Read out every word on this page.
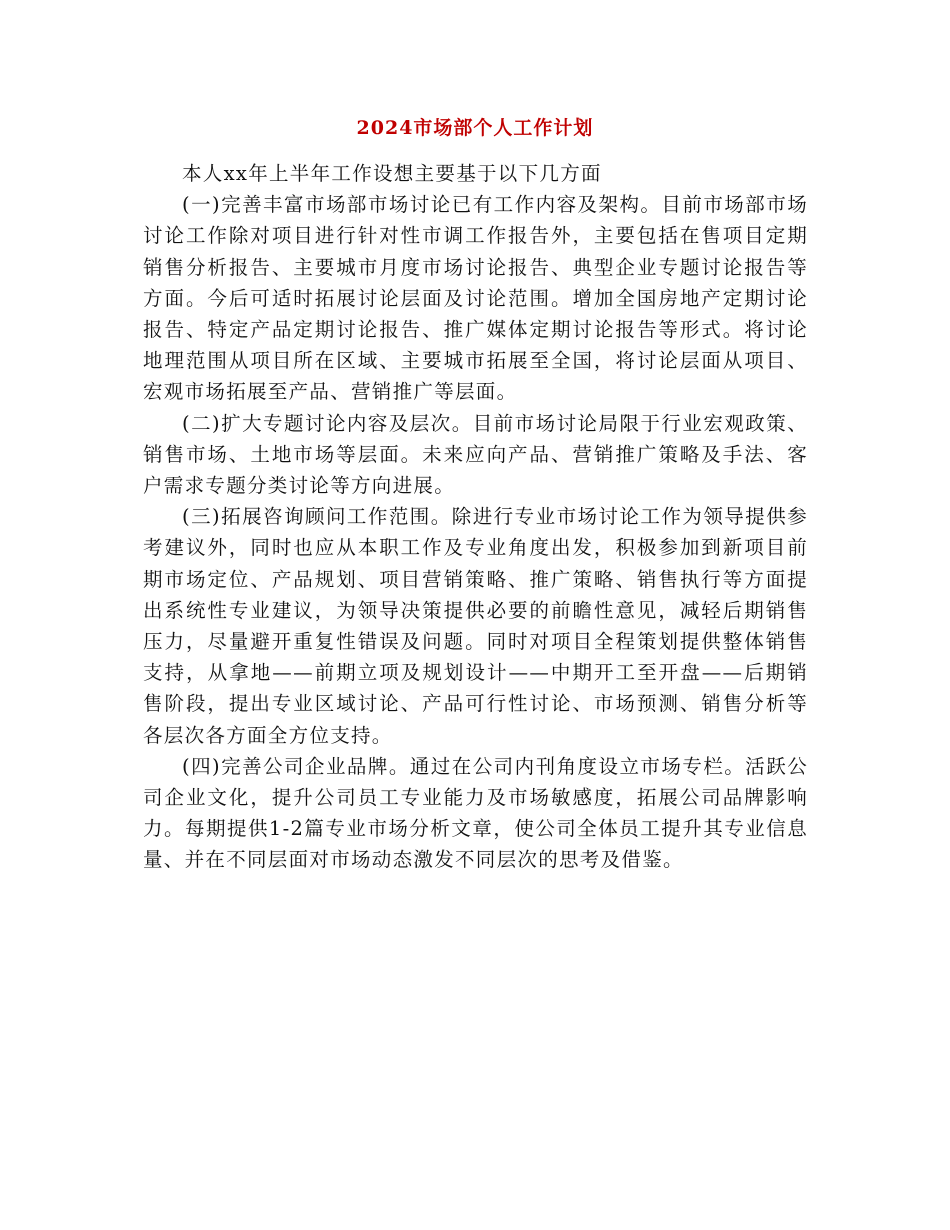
2024市场部个人工作计划

本人xx年上半年工作设想主要基于以下几方面

(一)完善丰富市场部市场讨论已有工作内容及架构。目前市场部市场讨论工作除对项目进行针对性市调工作报告外，主要包括在售项目定期销售分析报告、主要城市月度市场讨论报告、典型企业专题讨论报告等方面。今后可适时拓展讨论层面及讨论范围。增加全国房地产定期讨论报告、特定产品定期讨论报告、推广媒体定期讨论报告等形式。将讨论地理范围从项目所在区域、主要城市拓展至全国，将讨论层面从项目、宏观市场拓展至产品、营销推广等层面。

(二)扩大专题讨论内容及层次。目前市场讨论局限于行业宏观政策、销售市场、土地市场等层面。未来应向产品、营销推广策略及手法、客户需求专题分类讨论等方向进展。

(三)拓展咨询顾问工作范围。除进行专业市场讨论工作为领导提供参考建议外，同时也应从本职工作及专业角度出发，积极参加到新项目前期市场定位、产品规划、项目营销策略、推广策略、销售执行等方面提出系统性专业建议，为领导决策提供必要的前瞻性意见，减轻后期销售压力，尽量避开重复性错误及问题。同时对项目全程策划提供整体销售支持，从拿地——前期立项及规划设计——中期开工至开盘——后期销售阶段，提出专业区域讨论、产品可行性讨论、市场预测、销售分析等各层次各方面全方位支持。

(四)完善公司企业品牌。通过在公司内刊角度设立市场专栏。活跃公司企业文化，提升公司员工专业能力及市场敏感度，拓展公司品牌影响力。每期提供1-2篇专业市场分析文章，使公司全体员工提升其专业信息量、并在不同层面对市场动态激发不同层次的思考及借鉴。
